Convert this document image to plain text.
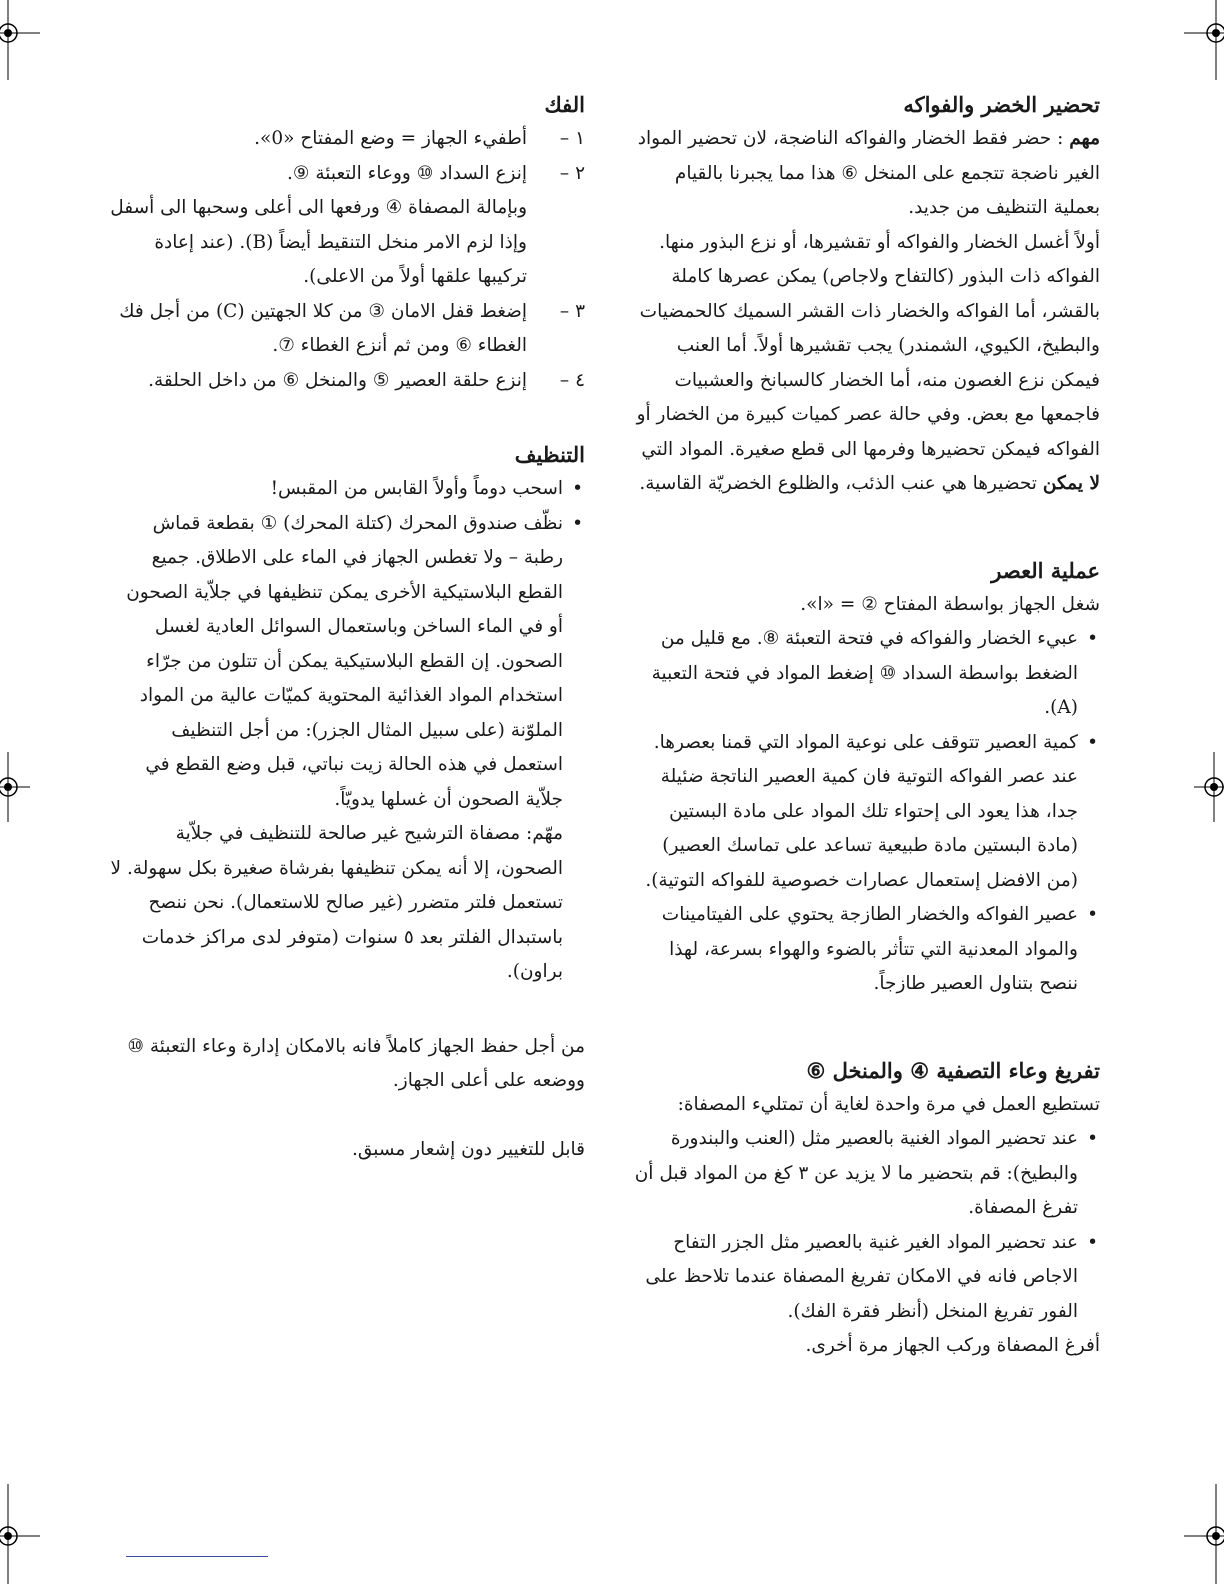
تحضير الخضر والفواكه

مهم : حضر فقط الخضار والفواكه الناضجة، لان تحضير المواد الغير ناضجة تتجمع على المنخل ⑥ هذا مما يجبرنا بالقيام بعملية التنظيف من جديد.

أولاً أغسل الخضار والفواكه أو تقشيرها، أو نزع البذور منها. الفواكه ذات البذور (كالتفاح ولاجاص) يمكن عصرها كاملة بالقشر، أما الفواكه والخضار ذات القشر السميك كالحمضيات والبطيخ، الكيوي، الشمندر) يجب تقشيرها أولاً. أما العنب فيمكن نزع الغصون منه، أما الخضار كالسبانخ والعشبيات فاجمعها مع بعض. وفي حالة عصر كميات كبيرة من الخضار أو الفواكه فيمكن تحضيرها وفرمها الى قطع صغيرة. المواد التي لا يمكن تحضيرها هي عنب الذئب، والظلوع الخضريّة القاسية.

عملية العصر

شغل الجهاز بواسطة المفتاح ② = «ا».

•
عبيء الخضار والفواكه في فتحة التعبئة ⑧. مع قليل من الضغط بواسطة السداد ⑩ إضغط المواد في فتحة التعبية (A).
•
كمية العصير تتوقف على نوعية المواد التي قمنا بعصرها. عند عصر الفواكه التوتية فان كمية العصير الناتجة ضئيلة جدا، هذا يعود الى إحتواء تلك المواد على مادة البستين (مادة البستين مادة طبيعية تساعد على تماسك العصير) (من الافضل إستعمال عصارات خصوصية للفواكه التوتية).
•
عصير الفواكه والخضار الطازجة يحتوي على الفيتامينات والمواد المعدنية التي تتأثر بالضوء والهواء بسرعة، لهذا ننصح بتناول العصير طازجاً.
تفريغ وعاء التصفية ④ والمنخل ⑥

تستطيع العمل في مرة واحدة لغاية أن تمتليء المصفاة:

•
عند تحضير المواد الغنية بالعصير مثل (العنب والبندورة والبطيخ): قم بتحضير ما لا يزيد عن ٣ كغ من المواد قبل أن تفرغ المصفاة.
•
عند تحضير المواد الغير غنية بالعصير مثل الجزر التفاح الاجاص فانه في الامكان تفريغ المصفاة عندما تلاحظ على الفور تفريغ المنخل (أنظر فقرة الفك).

أفرغ المصفاة وركب الجهاز مرة أخرى.

الفك
١ –
أطفيء الجهاز = وضع المفتاح «0».
٢ –
إنزع السداد ⑩ ووعاء التعبئة ⑨.
وبإمالة المصفاة ④ ورفعها الى أعلى وسحبها الى أسفل وإذا لزم الامر منخل التنقيط أيضاً (B). (عند إعادة تركيبها علقها أولاً من الاعلى).
٣ –
إضغط قفل الامان ③ من كلا الجهتين (C) من أجل فك الغطاء ⑥ ومن ثم أنزع الغطاء ⑦.
٤ –
إنزع حلقة العصير ⑤ والمنخل ⑥ من داخل الحلقة.
التنظيف
•
اسحب دوماً وأولاً القابس من المقبس!
•
نظّف صندوق المحرك (كتلة المحرك) ① بقطعة قماش رطبة – ولا تغطس الجهاز في الماء على الاطلاق. جميع القطع البلاستيكية الأخرى يمكن تنظيفها في جلاّية الصحون أو في الماء الساخن وباستعمال السوائل العادية لغسل الصحون. إن القطع البلاستيكية يمكن أن تتلون من جرّاء استخدام المواد الغذائية المحتوية كميّات عالية من المواد الملوّنة (على سبيل المثال الجزر): من أجل التنظيف استعمل في هذه الحالة زيت نباتي، قبل وضع القطع في جلاّية الصحون أن غسلها يدويّاً.

مهّم: مصفاة الترشيح غير صالحة للتنظيف في جلاّية الصحون، إلا أنه يمكن تنظيفها بفرشاة صغيرة بكل سهولة. لا تستعمل فلتر متضرر (غير صالح للاستعمال). نحن ننصح باستبدال الفلتر بعد ٥ سنوات (متوفر لدى مراكز خدمات براون).

من أجل حفظ الجهاز كاملاً فانه بالامكان إدارة وعاء التعبئة ⑩ ووضعه على أعلى الجهاز.

قابل للتغيير دون إشعار مسبق.
